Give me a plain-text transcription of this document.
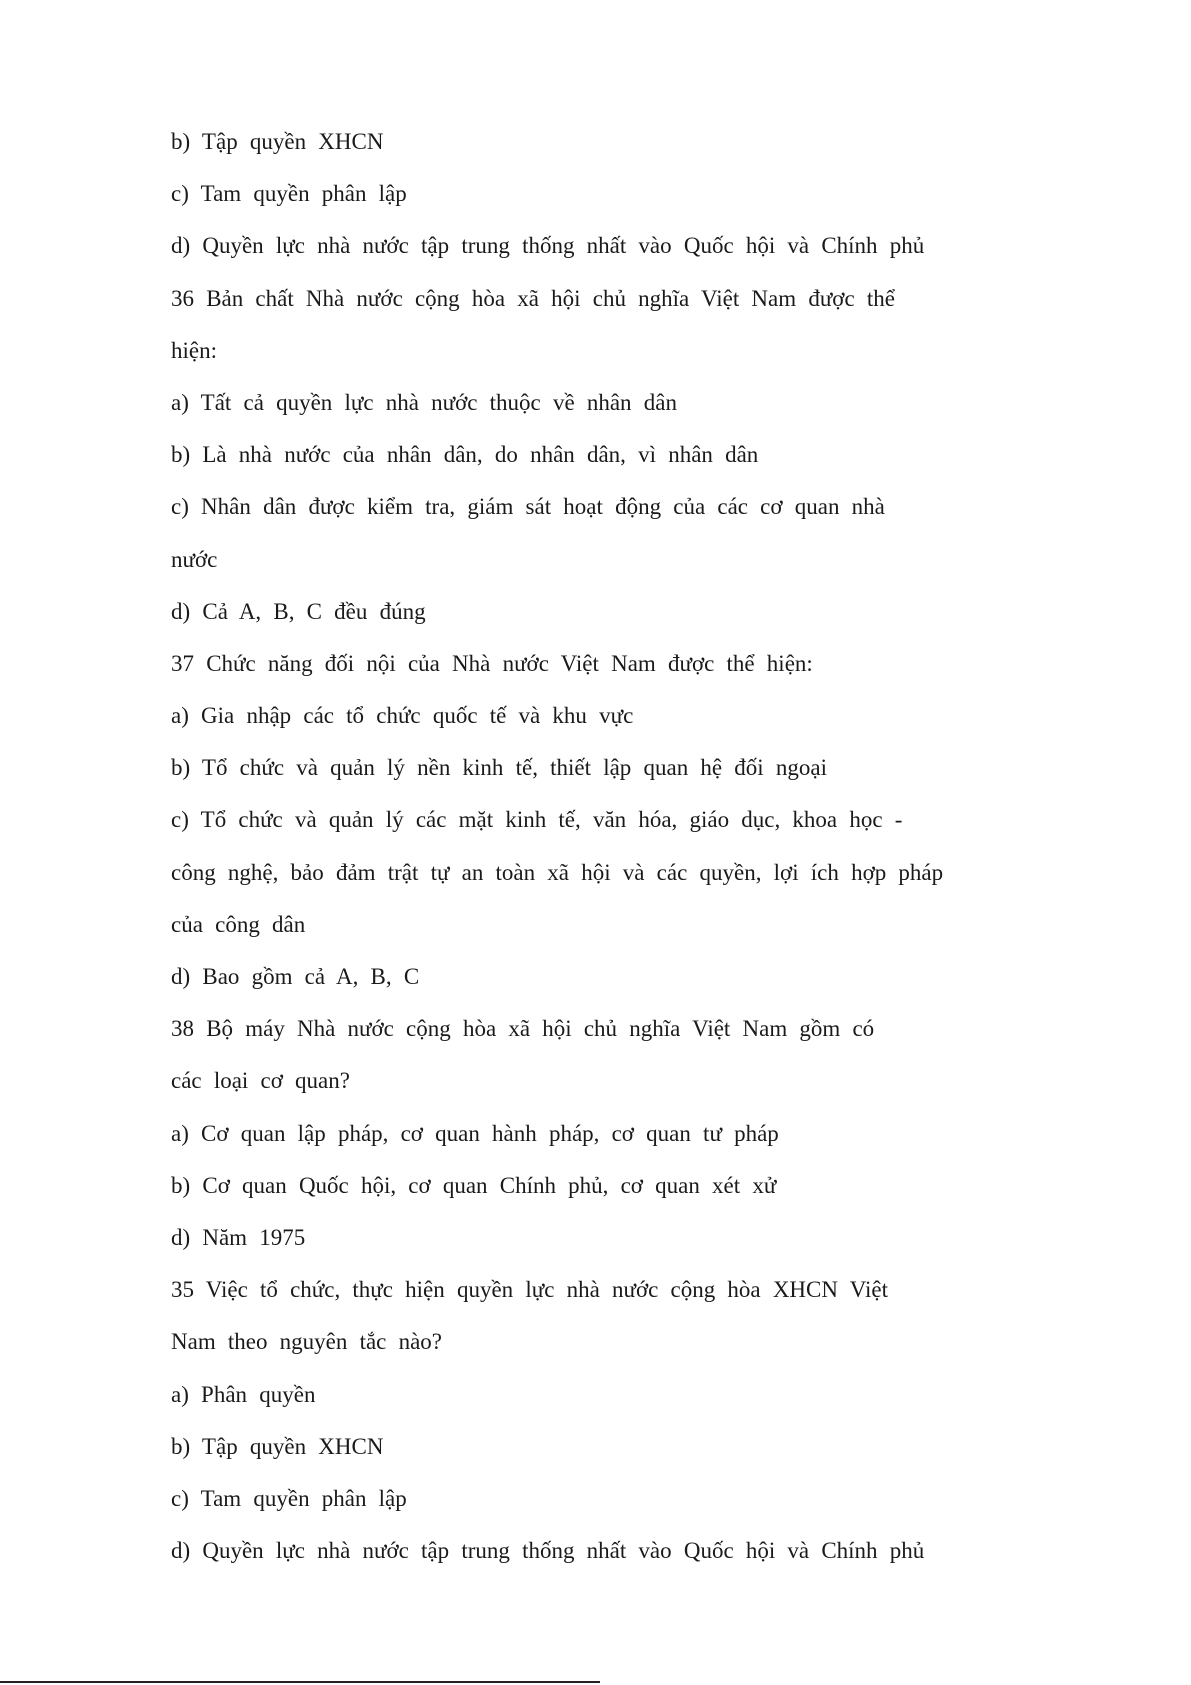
b) Tập quyền XHCN
c) Tam quyền phân lập
d) Quyền lực nhà nước tập trung thống nhất vào Quốc hội và Chính phủ
36 Bản chất Nhà nước cộng hòa xã hội chủ nghĩa Việt Nam được thể
hiện:
a) Tất cả quyền lực nhà nước thuộc về nhân dân
b) Là nhà nước của nhân dân, do nhân dân, vì nhân dân
c) Nhân dân được kiểm tra, giám sát hoạt động của các cơ quan nhà
nước
d) Cả A, B, C đều đúng
37 Chức năng đối nội của Nhà nước Việt Nam được thể hiện:
a) Gia nhập các tổ chức quốc tế và khu vực
b) Tổ chức và quản lý nền kinh tế, thiết lập quan hệ đối ngoại
c) Tổ chức và quản lý các mặt kinh tế, văn hóa, giáo dục, khoa học -
công nghệ, bảo đảm trật tự an toàn xã hội và các quyền, lợi ích hợp pháp
của công dân
d) Bao gồm cả A, B, C
38 Bộ máy Nhà nước cộng hòa xã hội chủ nghĩa Việt Nam gồm có
các loại cơ quan?
a) Cơ quan lập pháp, cơ quan hành pháp, cơ quan tư pháp
b) Cơ quan Quốc hội, cơ quan Chính phủ, cơ quan xét xử
d) Năm 1975
35 Việc tổ chức, thực hiện quyền lực nhà nước cộng hòa XHCN Việt
Nam theo nguyên tắc nào?
a) Phân quyền
b) Tập quyền XHCN
c) Tam quyền phân lập
d) Quyền lực nhà nước tập trung thống nhất vào Quốc hội và Chính phủ
